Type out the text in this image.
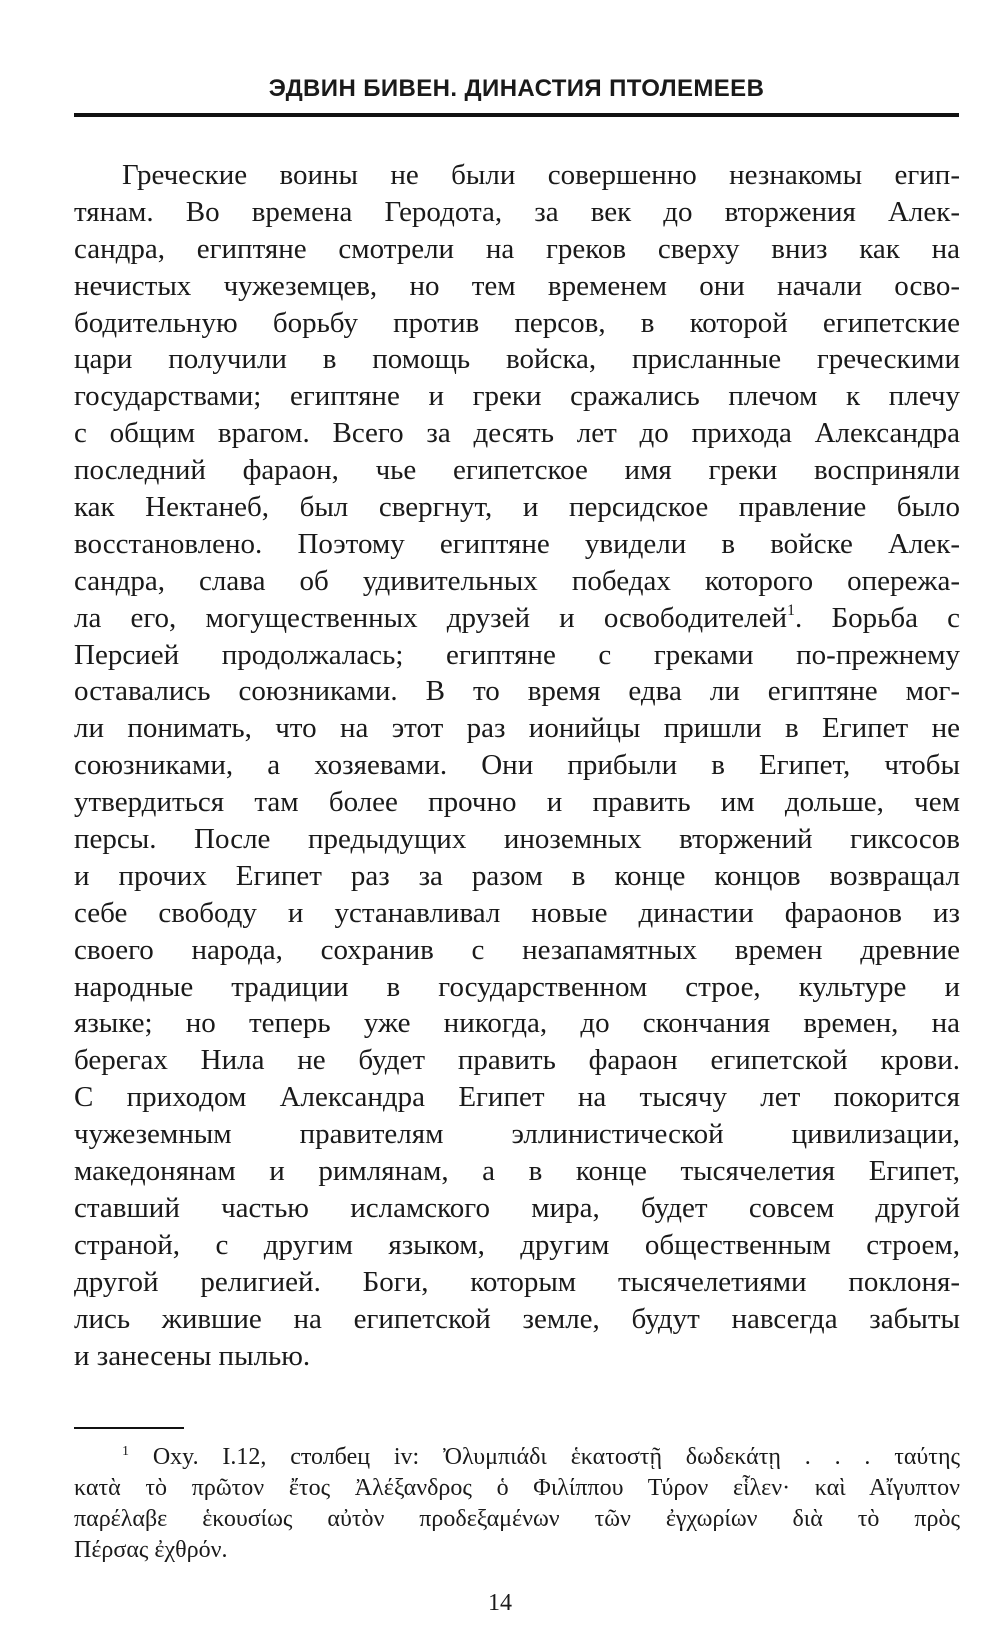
ЭДВИН БИВЕН. ДИНАСТИЯ ПТОЛЕМЕЕВ
Греческие воины не были совершенно незнакомы егип-
тянам. Во времена Геродота, за век до вторжения Алек-
сандра, египтяне смотрели на греков сверху вниз как на
нечистых чужеземцев, но тем временем они начали осво-
бодительную борьбу против персов, в которой египетские
цари получили в помощь войска, присланные греческими
государствами; египтяне и греки сражались плечом к плечу
с общим врагом. Всего за десять лет до прихода Александра
последний фараон, чье египетское имя греки восприняли
как Нектанеб, был свергнут, и персидское правление было
восстановлено. Поэтому египтяне увидели в войске Алек-
сандра, слава об удивительных победах которого опережа-
ла его, могущественных друзей и освободителей$^1$. Борьба с
Персией продолжалась; египтяне с греками по-прежнему
оставались союзниками. В то время едва ли египтяне мог-
ли понимать, что на этот раз ионийцы пришли в Египет не
союзниками, а хозяевами. Они прибыли в Египет, чтобы
утвердиться там более прочно и править им дольше, чем
персы. После предыдущих иноземных вторжений гиксосов
и прочих Египет раз за разом в конце концов возвращал
себе свободу и устанавливал новые династии фараонов из
своего народа, сохранив с незапамятных времен древние
народные традиции в государственном строе, культуре и
языке; но теперь уже никогда, до скончания времен, на
берегах Нила не будет править фараон египетской крови.
С приходом Александра Египет на тысячу лет покорится
чужеземным правителям эллинистической цивилизации,
македонянам и римлянам, а в конце тысячелетия Египет,
ставший частью исламского мира, будет совсем другой
страной, с другим языком, другим общественным строем,
другой религией. Боги, которым тысячелетиями поклоня-
лись жившие на египетской земле, будут навсегда забыты
и занесены пылью.
$^1$ Oxy. I.12, столбец iv: Ὀλυμπιάδι ἑκατοστῇ δωδεκάτῃ . . . ταύτης
κατὰ τὸ πρῶτον ἔτος Ἀλέξανδρος ὁ Φιλίππου Τύρον εἷλεν· καὶ Αἴγυπτον
παρέλαβε ἑκουσίως αὐτὸν προδεξαμένων τῶν ἐγχωρίων διὰ τὸ πρὸς
Πέρσας ἐχθρόν.
14
